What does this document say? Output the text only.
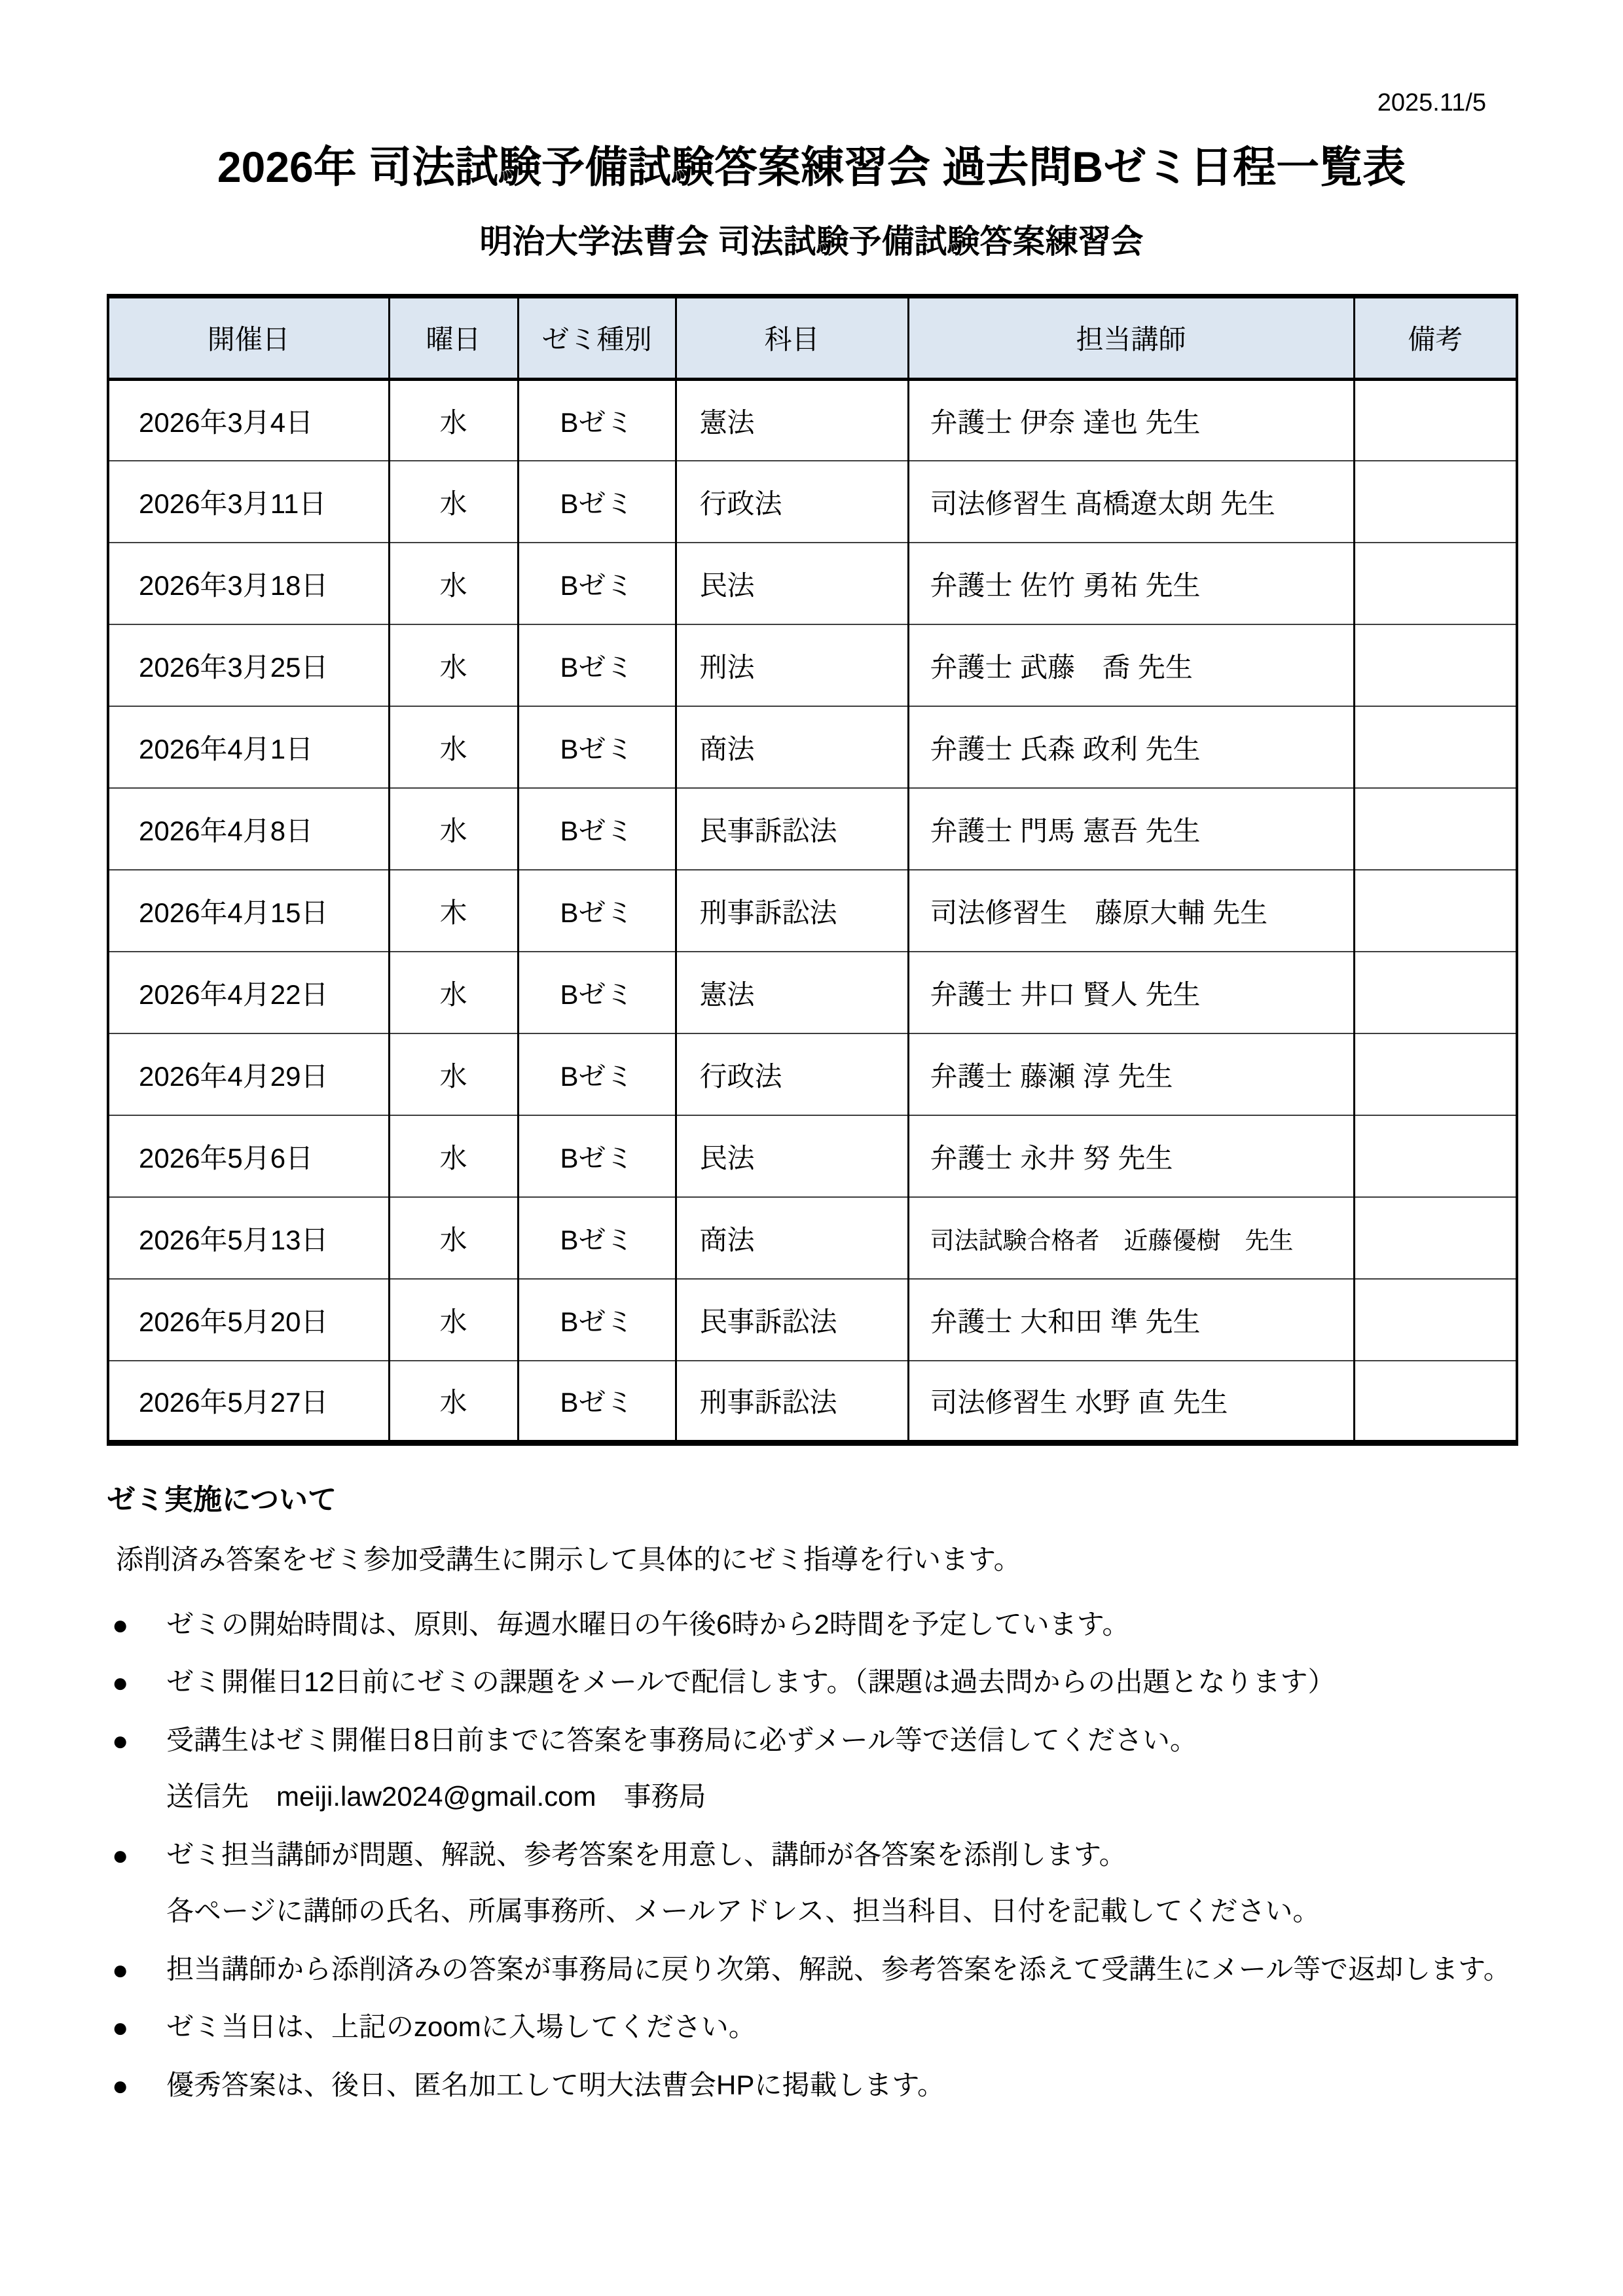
2025.11/5
2026年 司法試験予備試験答案練習会 過去問Bゼミ日程一覧表
明治大学法曹会 司法試験予備試験答案練習会
開催日	曜日	ゼミ種別	科目	担当講師	備考
2026年3月4日	水	Bゼミ	憲法	弁護士 伊奈 達也 先生	
2026年3月11日	水	Bゼミ	行政法	司法修習生 髙橋遼太朗 先生	
2026年3月18日	水	Bゼミ	民法	弁護士 佐竹 勇祐 先生	
2026年3月25日	水	Bゼミ	刑法	弁護士 武藤　喬 先生	
2026年4月1日	水	Bゼミ	商法	弁護士 氏森 政利 先生	
2026年4月8日	水	Bゼミ	民事訴訟法	弁護士 門馬 憲吾 先生	
2026年4月15日	木	Bゼミ	刑事訴訟法	司法修習生　藤原大輔 先生	
2026年4月22日	水	Bゼミ	憲法	弁護士 井口 賢人 先生	
2026年4月29日	水	Bゼミ	行政法	弁護士 藤瀬 淳 先生	
2026年5月6日	水	Bゼミ	民法	弁護士 永井 努 先生	
2026年5月13日	水	Bゼミ	商法	司法試験合格者　近藤優樹　先生	
2026年5月20日	水	Bゼミ	民事訴訟法	弁護士 大和田 準 先生	
2026年5月27日	水	Bゼミ	刑事訴訟法	司法修習生 水野 直 先生	
ゼミ実施について

添削済み答案をゼミ参加受講生に開示して具体的にゼミ指導を行います。

● ゼミの開始時間は、原則、毎週水曜日の午後6時から2時間を予定しています。
● ゼミ開催日12日前にゼミの課題をメールで配信します。（課題は過去問からの出題となります）
● 受講生はゼミ開催日8日前までに答案を事務局に必ずメール等で送信してください。
送信先　meiji.law2024@gmail.com　事務局
● ゼミ担当講師が問題、解説、参考答案を用意し、講師が各答案を添削します。
各ページに講師の氏名、所属事務所、メールアドレス、担当科目、日付を記載してください。
● 担当講師から添削済みの答案が事務局に戻り次第、解説、参考答案を添えて受講生にメール等で返却します。
● ゼミ当日は、上記のzoomに入場してください。
● 優秀答案は、後日、匿名加工して明大法曹会HPに掲載します。
